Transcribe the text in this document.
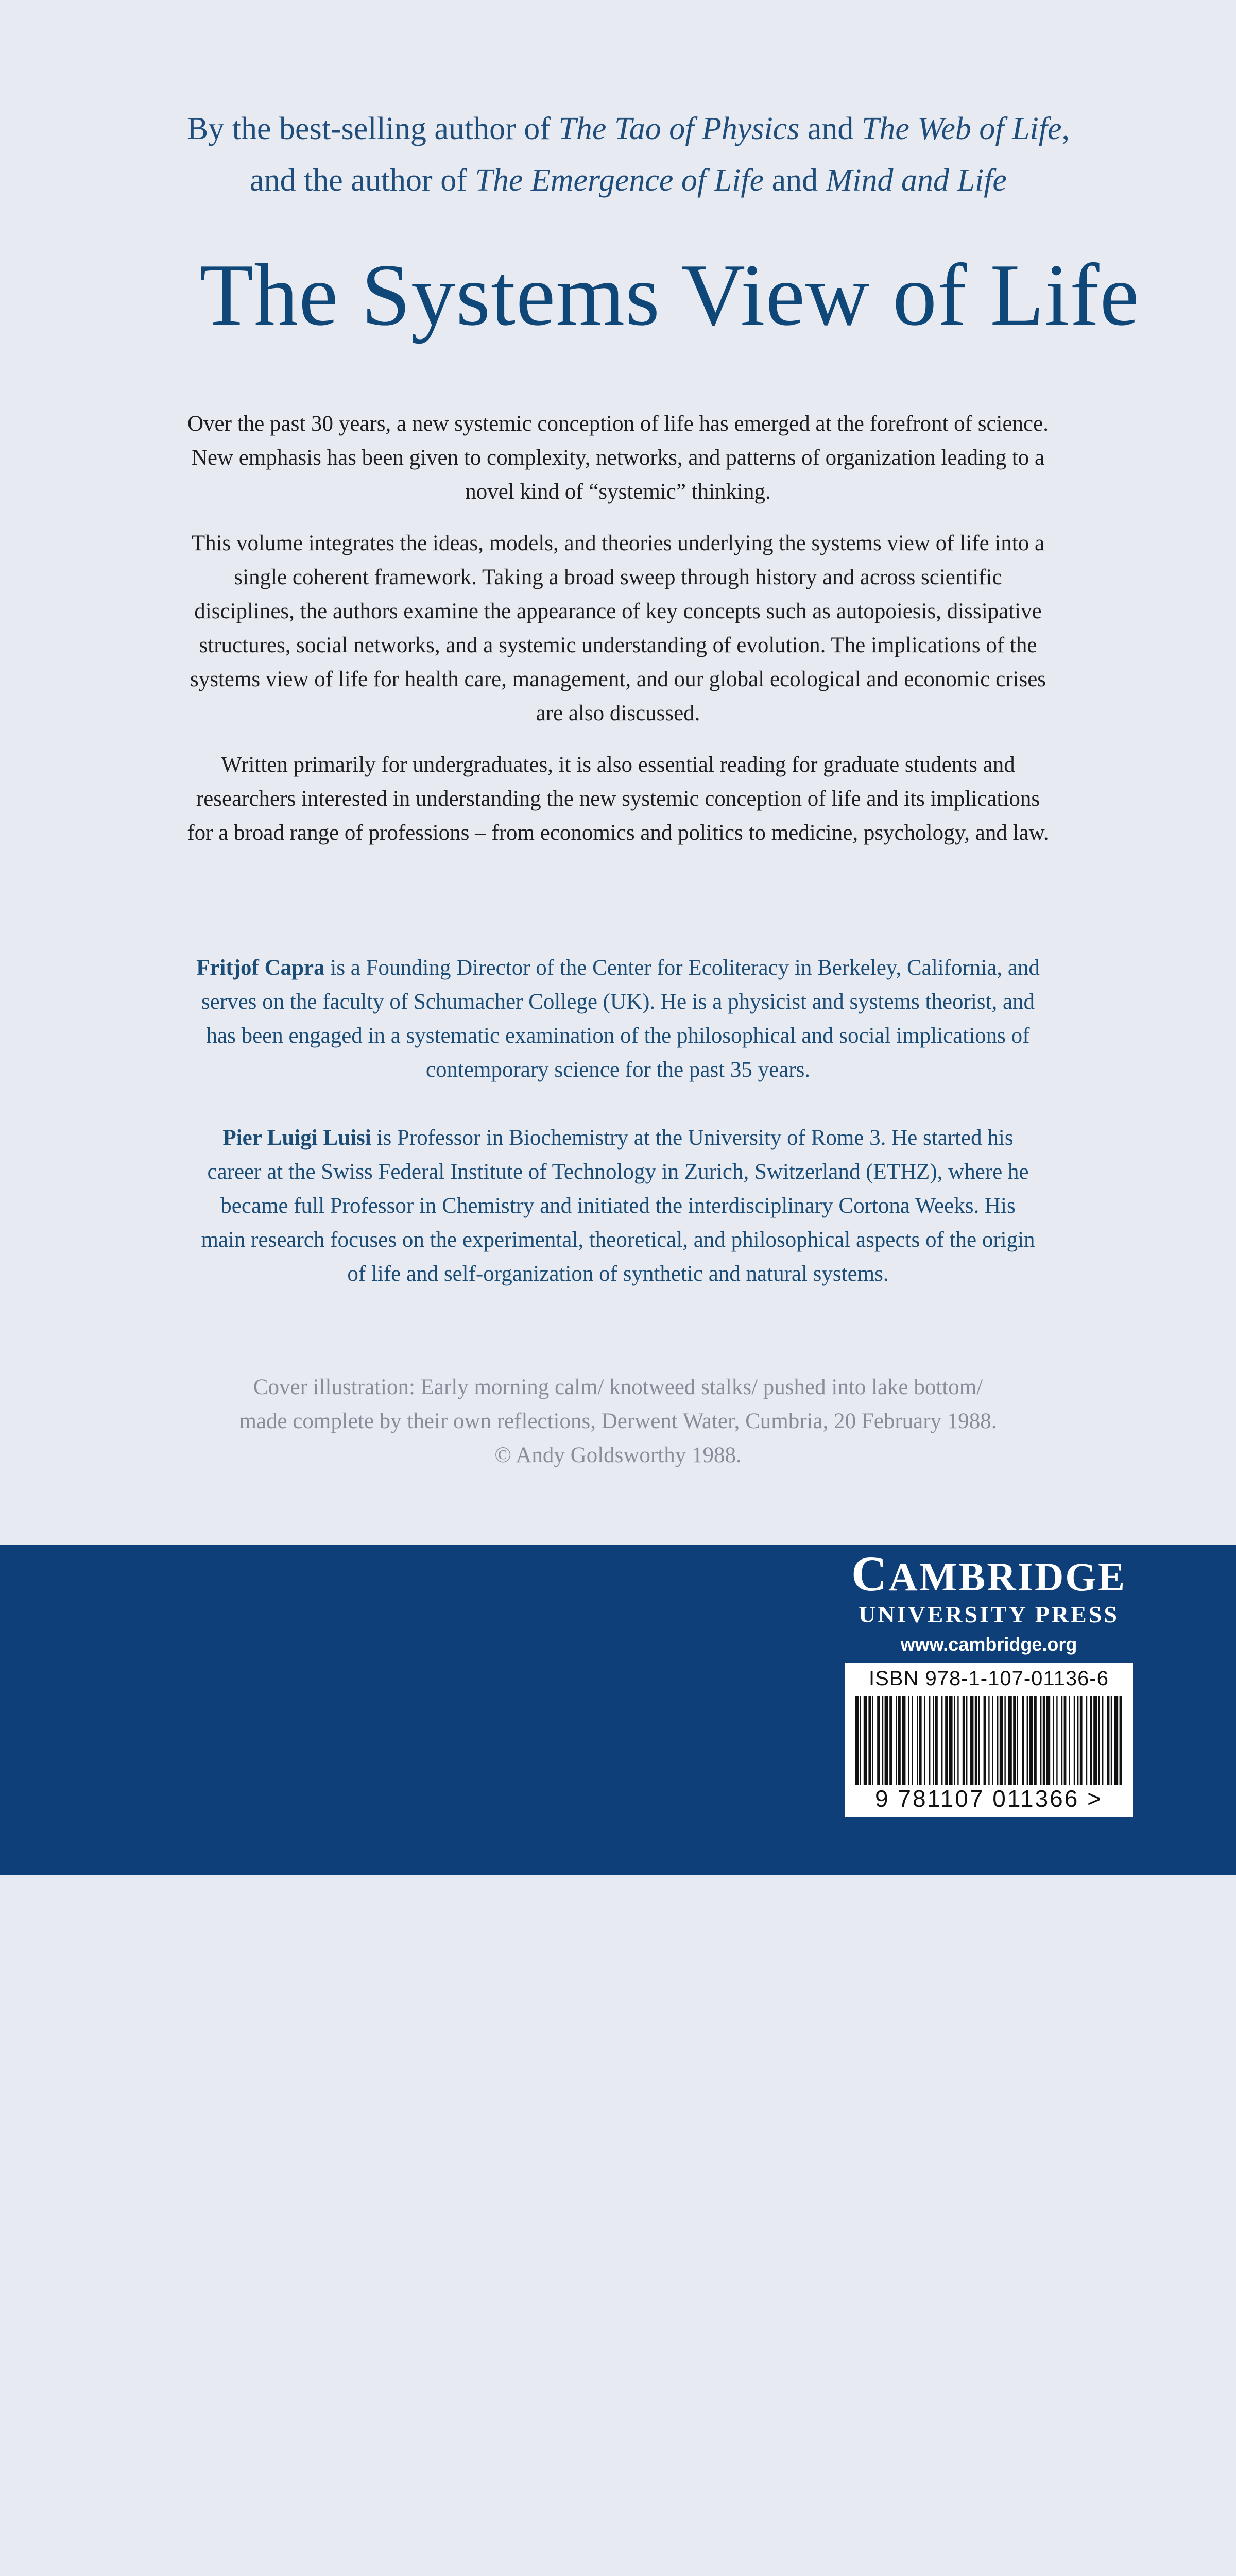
By the best-selling author of The Tao of Physics and The Web of Life,

and the author of The Emergence of Life and Mind and Life

The Systems View of Life

Over the past 30 years, a new systemic conception of life has emerged at the forefront of science. New emphasis has been given to complexity, networks, and patterns of organization leading to a novel kind of “systemic” thinking.

This volume integrates the ideas, models, and theories underlying the systems view of life into a single coherent framework. Taking a broad sweep through history and across scientific disciplines, the authors examine the appearance of key concepts such as autopoiesis, dissipative structures, social networks, and a systemic understanding of evolution. The implications of the systems view of life for health care, management, and our global ecological and economic crises are also discussed.

Written primarily for undergraduates, it is also essential reading for graduate students and researchers interested in understanding the new systemic conception of life and its implications for a broad range of professions – from economics and politics to medicine, psychology, and law.

Fritjof Capra is a Founding Director of the Center for Ecoliteracy in Berkeley, California, and serves on the faculty of Schumacher College (UK). He is a physicist and systems theorist, and has been engaged in a systematic examination of the philosophical and social implications of contemporary science for the past 35 years.

Pier Luigi Luisi is Professor in Biochemistry at the University of Rome 3. He started his career at the Swiss Federal Institute of Technology in Zurich, Switzerland (ETHZ), where he became full Professor in Chemistry and initiated the interdisciplinary Cortona Weeks. His main research focuses on the experimental, theoretical, and philosophical aspects of the origin of life and self-organization of synthetic and natural systems.

Cover illustration: Early morning calm/ knotweed stalks/ pushed into lake bottom/

made complete by their own reflections, Derwent Water, Cumbria, 20 February 1988.

© Andy Goldsworthy 1988.

CAMBRIDGE
UNIVERSITY PRESS
www.cambridge.org
ISBN 978-1-107-01136-6
9 781107 011366 >
